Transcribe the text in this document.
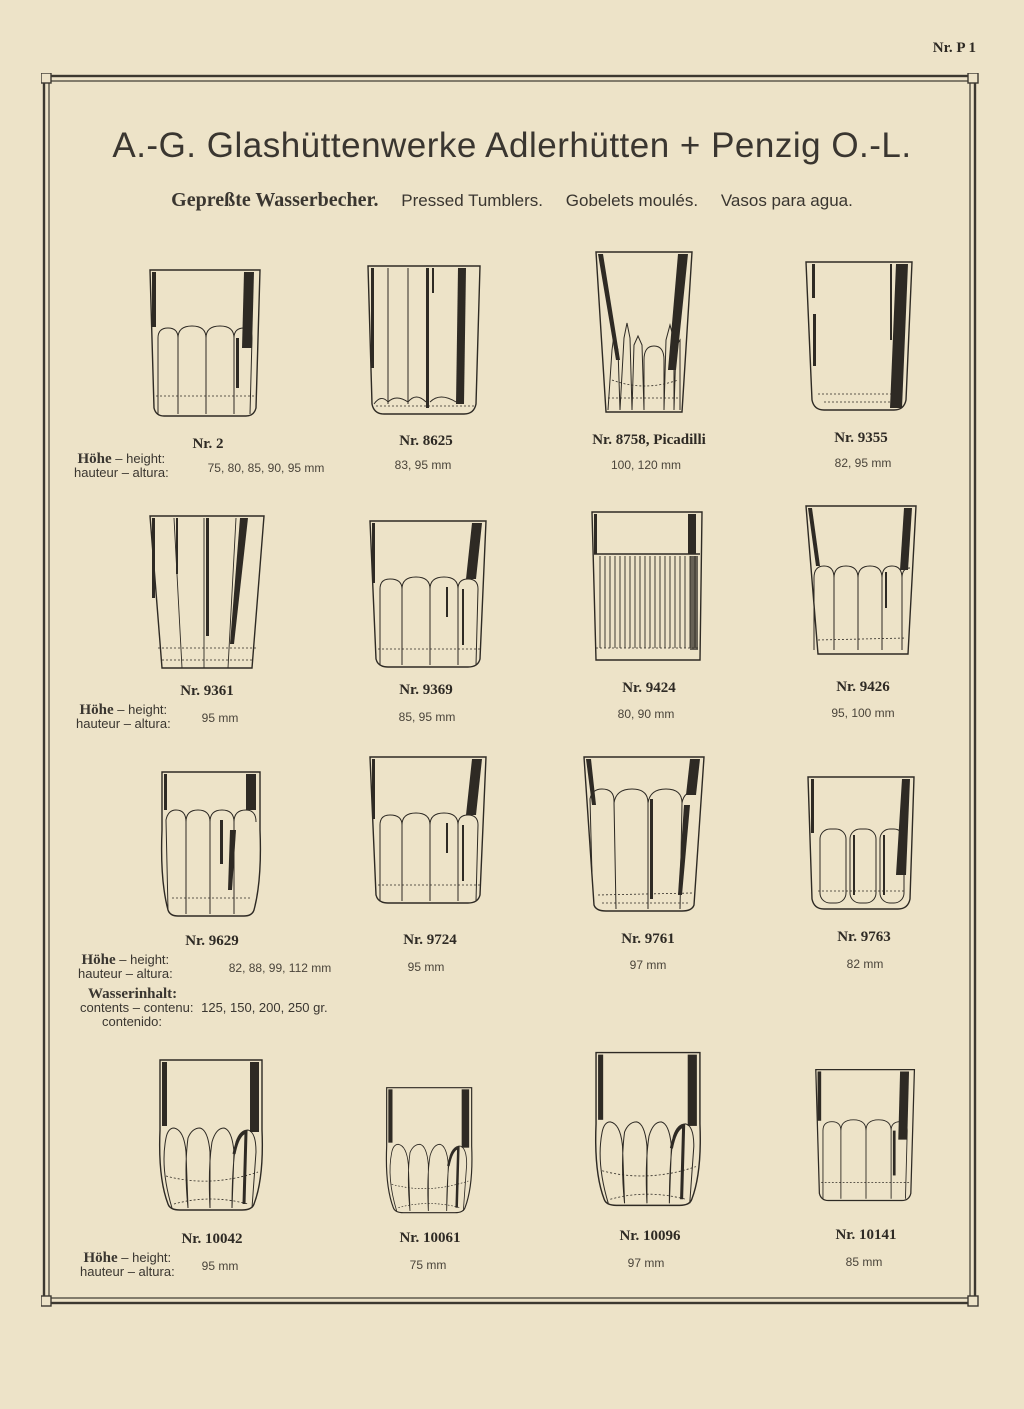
Nr. P 1
A.-G. Glashüttenwerke Adlerhütten + Penzig O.-L.
Gepreßte Wasserbecher. Pressed Tumblers. Gobelets moulés. Vasos para agua.
Nr. 2	Nr. 8625	Nr. 8758, Picadilli	Nr. 9355
Höhe – height:
hauteur – altura:	75, 80, 85, 90, 95 mm	83, 95 mm	100, 120 mm	82, 95 mm
Nr. 9361	Nr. 9369	Nr. 9424	Nr. 9426
Höhe – height:
hauteur – altura:	95 mm	85, 95 mm	80, 90 mm	95, 100 mm
Nr. 9629	Nr. 9724	Nr. 9761	Nr. 9763
Höhe – height:
hauteur – altura:	82, 88, 99, 112 mm	95 mm	97 mm	82 mm
Wasserinhalt:
contents – contenu: 125, 150, 200, 250 gr.
contenido:
Nr. 10042	Nr. 10061	Nr. 10096	Nr. 10141
Höhe – height:
hauteur – altura: 95 mm	75 mm	97 mm	85 mm
